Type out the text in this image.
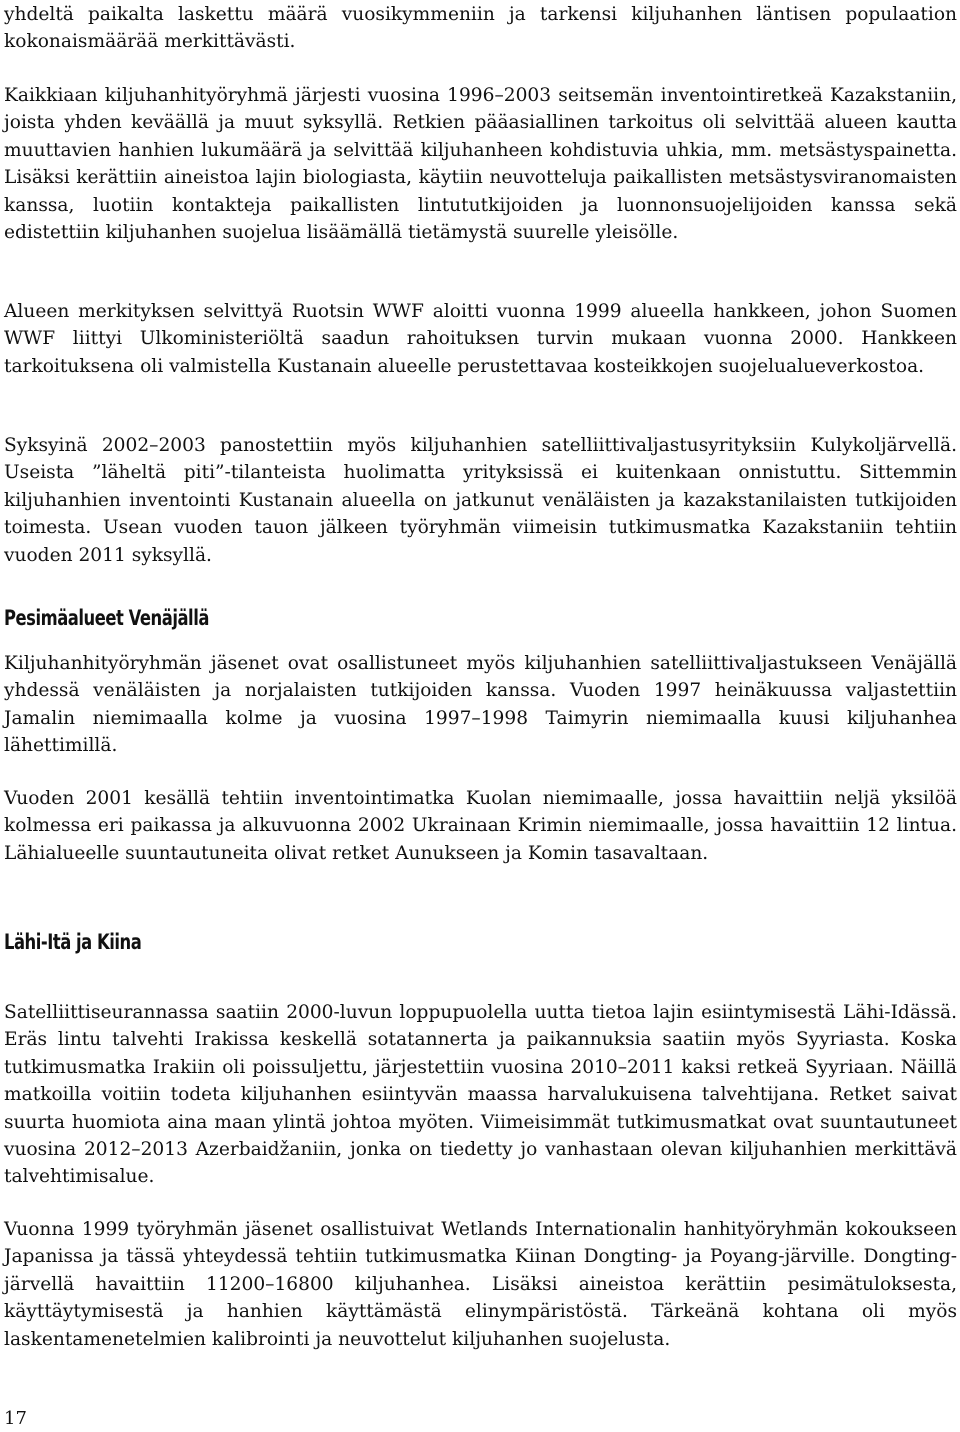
yhdeltä paikalta laskettu määrä vuosikymmeniin ja tarkensi kiljuhanhen läntisen populaation kokonaismäärää merkittävästi.

Kaikkiaan kiljuhanhityöryhmä järjesti vuosina 1996–2003 seitsemän inventointiretkeä Kazakstaniin, joista yhden keväällä ja muut syksyllä. Retkien pääasiallinen tarkoitus oli selvittää alueen kautta muuttavien hanhien lukumäärä ja selvittää kiljuhanheen kohdistuvia uhkia, mm. metsästyspainetta. Lisäksi kerättiin aineistoa lajin biologiasta, käytiin neuvotteluja paikallisten metsästysviranomaisten kanssa, luotiin kontakteja paikallisten lintututkijoiden ja luonnonsuojelijoiden kanssa sekä edistettiin kiljuhanhen suojelua lisäämällä tietämystä suurelle yleisölle.

Alueen merkityksen selvittyä Ruotsin WWF aloitti vuonna 1999 alueella hankkeen, johon Suomen WWF liittyi Ulkoministeriöltä saadun rahoituksen turvin mukaan vuonna 2000. Hankkeen tarkoituksena oli valmistella Kustanain alueelle perustettavaa kosteikkojen suojelualueverkostoa.

Syksyinä 2002–2003 panostettiin myös kiljuhanhien satelliittivaljastusyrityksiin Kulykoljärvellä. Useista ”läheltä piti”-tilanteista huolimatta yrityksissä ei kuitenkaan onnistuttu. Sittemmin kiljuhanhien inventointi Kustanain alueella on jatkunut venäläisten ja kazakstanilaisten tutkijoiden toimesta. Usean vuoden tauon jälkeen työryhmän viimeisin tutkimusmatka Kazakstaniin tehtiin vuoden 2011 syksyllä.

Pesimäalueet Venäjällä

Kiljuhanhityöryhmän jäsenet ovat osallistuneet myös kiljuhanhien satelliittivaljastukseen Venäjällä yhdessä venäläisten ja norjalaisten tutkijoiden kanssa. Vuoden 1997 heinäkuussa valjastettiin Jamalin niemimaalla kolme ja vuosina 1997–1998 Taimyrin niemimaalla kuusi kiljuhanhea lähettimillä.

Vuoden 2001 kesällä tehtiin inventointimatka Kuolan niemimaalle, jossa havaittiin neljä yksilöä kolmessa eri paikassa ja alkuvuonna 2002 Ukrainaan Krimin niemimaalle, jossa havaittiin 12 lintua. Lähialueelle suuntautuneita olivat retket Aunukseen ja Komin tasavaltaan.

Lähi-Itä ja Kiina

Satelliittiseurannassa saatiin 2000-luvun loppupuolella uutta tietoa lajin esiintymisestä Lähi-Idässä. Eräs lintu talvehti Irakissa keskellä sotatannerta ja paikannuksia saatiin myös Syyriasta. Koska tutkimusmatka Irakiin oli poissuljettu, järjestettiin vuosina 2010–2011 kaksi retkeä Syyriaan. Näillä matkoilla voitiin todeta kiljuhanhen esiintyvän maassa harvalukuisena talvehtijana. Retket saivat suurta huomiota aina maan ylintä johtoa myöten. Viimeisimmät tutkimusmatkat ovat suuntautuneet vuosina 2012–2013 Azerbaidžaniin, jonka on tiedetty jo vanhastaan olevan kiljuhanhien merkittävä talvehtimisalue.

Vuonna 1999 työryhmän jäsenet osallistuivat Wetlands Internationalin hanhityöryhmän kokoukseen Japanissa ja tässä yhteydessä tehtiin tutkimusmatka Kiinan Dongting- ja Poyang-järville. Dongting-järvellä havaittiin 11200–16800 kiljuhanhea. Lisäksi aineistoa kerättiin pesimätuloksesta, käyttäytymisestä ja hanhien käyttämästä elinympäristöstä. Tärkeänä kohtana oli myös laskentamenetelmien kalibrointi ja neuvottelut kiljuhanhen suojelusta.

17
